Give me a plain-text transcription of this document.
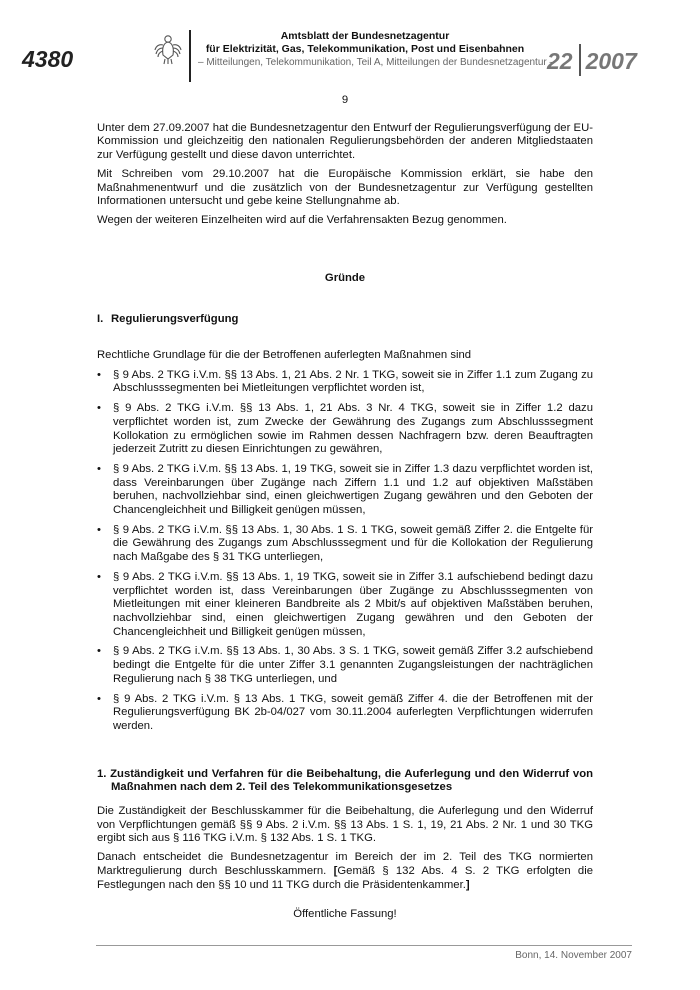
4380
Amtsblatt der Bundesnetzagentur
für Elektrizität, Gas, Telekommunikation, Post und Eisenbahnen
– Mitteilungen, Telekommunikation, Teil A, Mitteilungen der Bundesnetzagentur –
22 2007
9

Unter dem 27.09.2007 hat die Bundesnetzagentur den Entwurf der Regulierungsverfügung der EU-Kommission und gleichzeitig den nationalen Regulierungsbehörden der anderen Mitgliedstaaten zur Verfügung gestellt und diese davon unterrichtet.

Mit Schreiben vom 29.10.2007 hat die Europäische Kommission erklärt, sie habe den Maßnahmenentwurf und die zusätzlich von der Bundesnetzagentur zur Verfügung gestellten Informationen untersucht und gebe keine Stellungnahme ab.

Wegen der weiteren Einzelheiten wird auf die Verfahrensakten Bezug genommen.

Gründe
I. Regulierungsverfügung

Rechtliche Grundlage für die der Betroffenen auferlegten Maßnahmen sind

• § 9 Abs. 2 TKG i.V.m. §§ 13 Abs. 1, 21 Abs. 2 Nr. 1 TKG, soweit sie in Ziffer 1.1 zum Zugang zu Abschlusssegmenten bei Mietleitungen verpflichtet worden ist,
• § 9 Abs. 2 TKG i.V.m. §§ 13 Abs. 1, 21 Abs. 3 Nr. 4 TKG, soweit sie in Ziffer 1.2 dazu verpflichtet worden ist, zum Zwecke der Gewährung des Zugangs zum Abschlusssegment Kollokation zu ermöglichen sowie im Rahmen dessen Nachfragern bzw. deren Beauftragten jederzeit Zutritt zu diesen Einrichtungen zu gewähren,
• § 9 Abs. 2 TKG i.V.m. §§ 13 Abs. 1, 19 TKG, soweit sie in Ziffer 1.3 dazu verpflichtet worden ist, dass Vereinbarungen über Zugänge nach Ziffern 1.1 und 1.2 auf objektiven Maßstäben beruhen, nachvollziehbar sind, einen gleichwertigen Zugang gewähren und den Geboten der Chancengleichheit und Billigkeit genügen müssen,
• § 9 Abs. 2 TKG i.V.m. §§ 13 Abs. 1, 30 Abs. 1 S. 1 TKG, soweit gemäß Ziffer 2. die Entgelte für die Gewährung des Zugangs zum Abschlusssegment und für die Kollokation der Regulierung nach Maßgabe des § 31 TKG unterliegen,
• § 9 Abs. 2 TKG i.V.m. §§ 13 Abs. 1, 19 TKG, soweit sie in Ziffer 3.1 aufschiebend bedingt dazu verpflichtet worden ist, dass Vereinbarungen über Zugänge zu Abschlusssegmenten von Mietleitungen mit einer kleineren Bandbreite als 2 Mbit/s auf objektiven Maßstäben beruhen, nachvollziehbar sind, einen gleichwertigen Zugang gewähren und den Geboten der Chancengleichheit und Billigkeit genügen müssen,
• § 9 Abs. 2 TKG i.V.m. §§ 13 Abs. 1, 30 Abs. 3 S. 1 TKG, soweit gemäß Ziffer 3.2 aufschiebend bedingt die Entgelte für die unter Ziffer 3.1 genannten Zugangsleistungen der nachträglichen Regulierung nach § 38 TKG unterliegen, und
• § 9 Abs. 2 TKG i.V.m. § 13 Abs. 1 TKG, soweit gemäß Ziffer 4. die der Betroffenen mit der Regulierungsverfügung BK 2b-04/027 vom 30.11.2004 auferlegten Verpflichtungen widerrufen werden.
1. Zuständigkeit und Verfahren für die Beibehaltung, die Auferlegung und den Widerruf von Maßnahmen nach dem 2. Teil des Telekommunikationsgesetzes

Die Zuständigkeit der Beschlusskammer für die Beibehaltung, die Auferlegung und den Widerruf von Verpflichtungen gemäß §§ 9 Abs. 2 i.V.m. §§ 13 Abs. 1 S. 1, 19, 21 Abs. 2 Nr. 1 und 30 TKG ergibt sich aus § 116 TKG i.V.m. § 132 Abs. 1 S. 1 TKG.

Danach entscheidet die Bundesnetzagentur im Bereich der im 2. Teil des TKG normierten Marktregulierung durch Beschlusskammern. [Gemäß § 132 Abs. 4 S. 2 TKG erfolgten die Festlegungen nach den §§ 10 und 11 TKG durch die Präsidentenkammer.]

Öffentliche Fassung!
Bonn, 14. November 2007
